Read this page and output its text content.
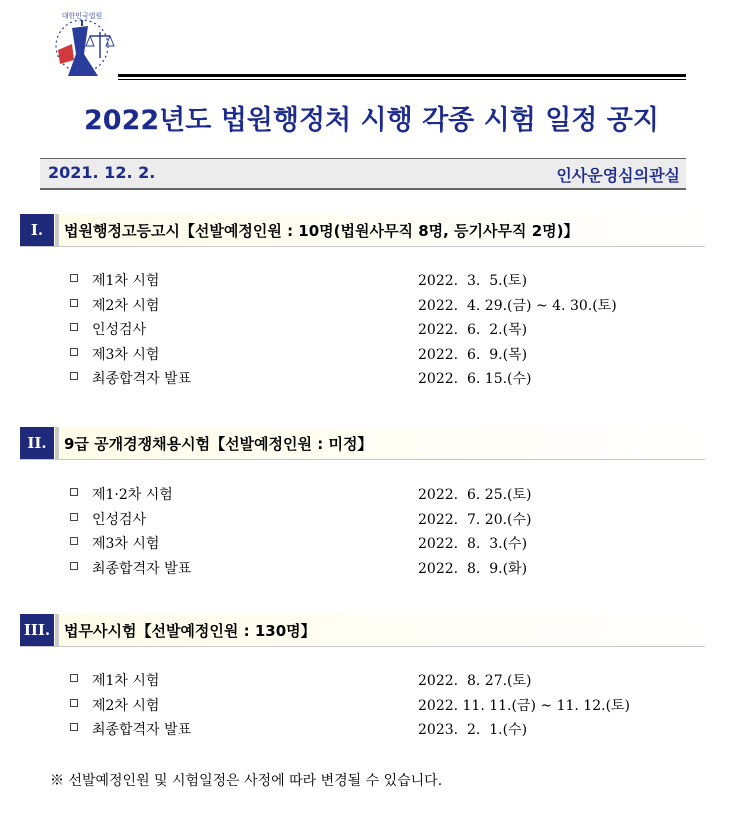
대한민국법원
2022년도 법원행정처 시행 각종 시험 일정 공지
2021. 12. 2.	인사운영심의관실
I.	법원행정고등고시【선발예정인원 : 10명(법원사무직 8명, 등기사무직 2명)】
제1차 시험	2022.  3.  5.(토)
제2차 시험	2022.  4. 29.(금) ~ 4. 30.(토)
인성검사	2022.  6.  2.(목)
제3차 시험	2022.  6.  9.(목)
최종합격자 발표	2022.  6. 15.(수)
II.	9급 공개경쟁채용시험【선발예정인원 : 미정】
제1·2차 시험	2022.  6. 25.(토)
인성검사	2022.  7. 20.(수)
제3차 시험	2022.  8.  3.(수)
최종합격자 발표	2022.  8.  9.(화)
III. 법무사시험【선발예정인원 : 130명】
제1차 시험	2022.  8. 27.(토)
제2차 시험	2022. 11. 11.(금) ~ 11. 12.(토)
최종합격자 발표	2023.  2.  1.(수)
※ 선발예정인원 및 시험일정은 사정에 따라 변경될 수 있습니다.
